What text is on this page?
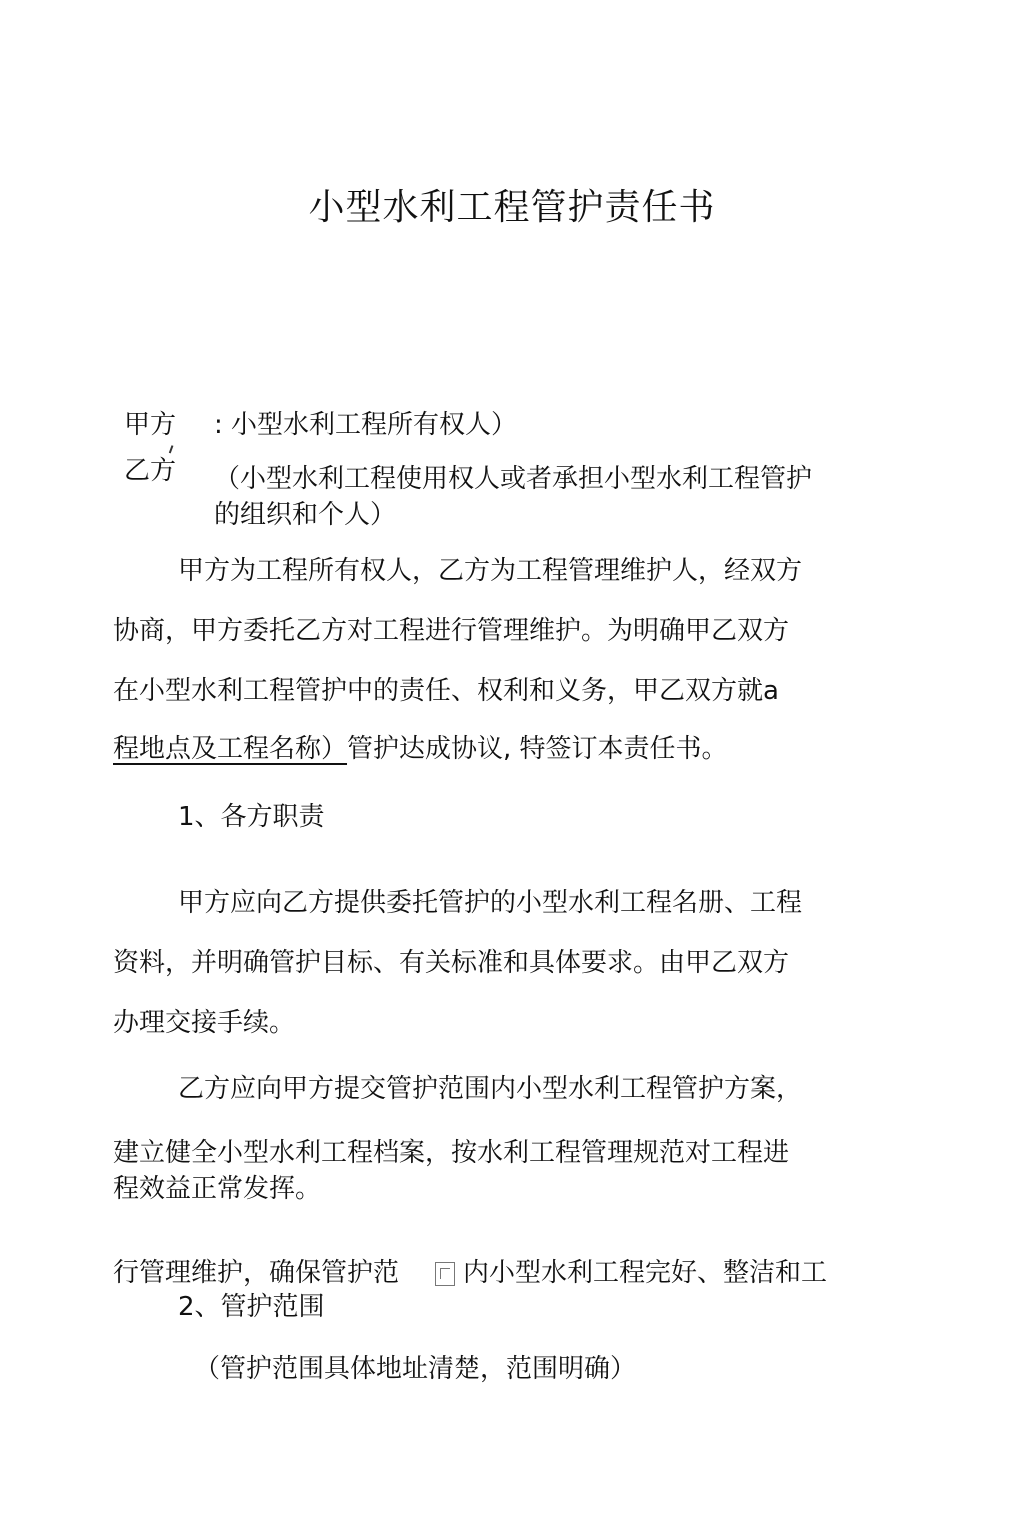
小型水利工程管护责任书
甲方 : 小型水利工程所有权人）
乙方 （小型水利工程使用权人或者承担小型水利工程管护
的组织和个人）
甲方为工程所有权人，乙方为工程管理维护人，经双方
协商，甲方委托乙方对工程进行管理维护。为明确甲乙双方
在小型水利工程管护中的责任、权利和义务，甲乙双方就a
程地点及工程名称）管护达成协议, 特签订本责任书。
1、各方职责
甲方应向乙方提供委托管护的小型水利工程名册、工程
资料，并明确管护目标、有关标准和具体要求。由甲乙双方
办理交接手续。
乙方应向甲方提交管护范围内小型水利工程管护方案，
建立健全小型水利工程档案，按水利工程管理规范对工程进
程效益正常发挥。
行管理维护，确保管护范 内小型水利工程完好、整洁和工
2、管护范围
（管护范围具体地址清楚，范围明确）
